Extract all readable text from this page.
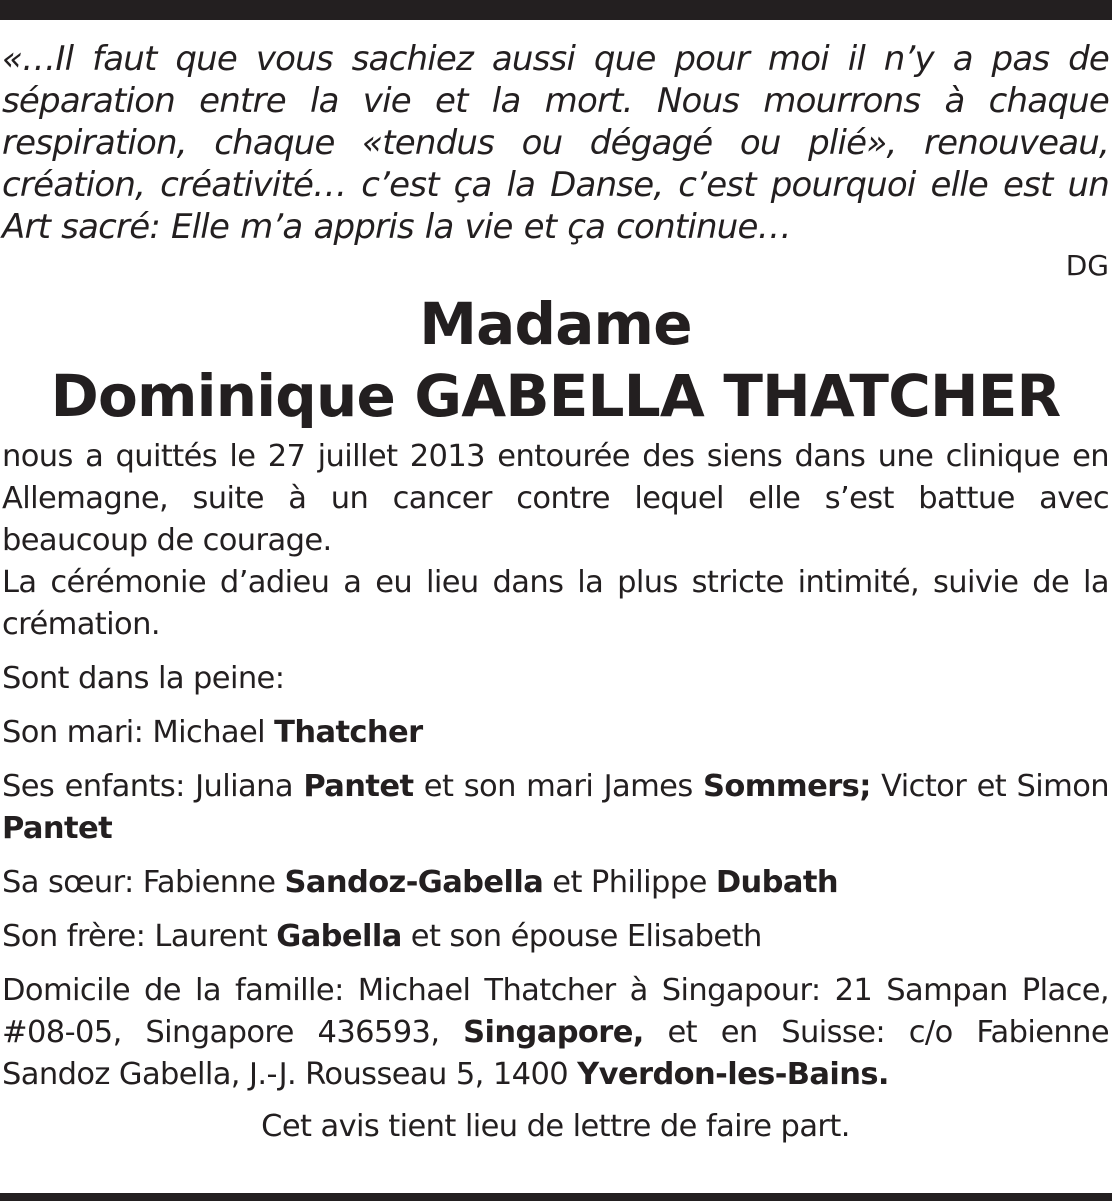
«…Il faut que vous sachiez aussi que pour moi il n’y a pas de séparation entre la vie et la mort. Nous mourrons à chaque respiration, chaque «tendus ou dégagé ou plié», renouveau, création, créativité… c’est ça la Danse, c’est pourquoi elle est un Art sacré: Elle m’a appris la vie et ça continue…

DG

Madame

Dominique GABELLA THATCHER

nous a quittés le 27 juillet 2013 entourée des siens dans une clinique en Allemagne, suite à un cancer contre lequel elle s’est battue avec beaucoup de courage.

La cérémonie d’adieu a eu lieu dans la plus stricte intimité, suivie de la crémation.

Sont dans la peine:

Son mari: Michael Thatcher

Ses enfants: Juliana Pantet et son mari James Sommers; Victor et Simon Pantet

Sa sœur: Fabienne Sandoz-Gabella et Philippe Dubath

Son frère: Laurent Gabella et son épouse Elisabeth

Domicile de la famille: Michael Thatcher à Singapour: 21 Sampan Place, #08-05, Singapore 436593, Singapore, et en Suisse: c/o Fabienne Sandoz Gabella, J.-J. Rousseau 5, 1400 Yverdon-les-Bains.

Cet avis tient lieu de lettre de faire part.
